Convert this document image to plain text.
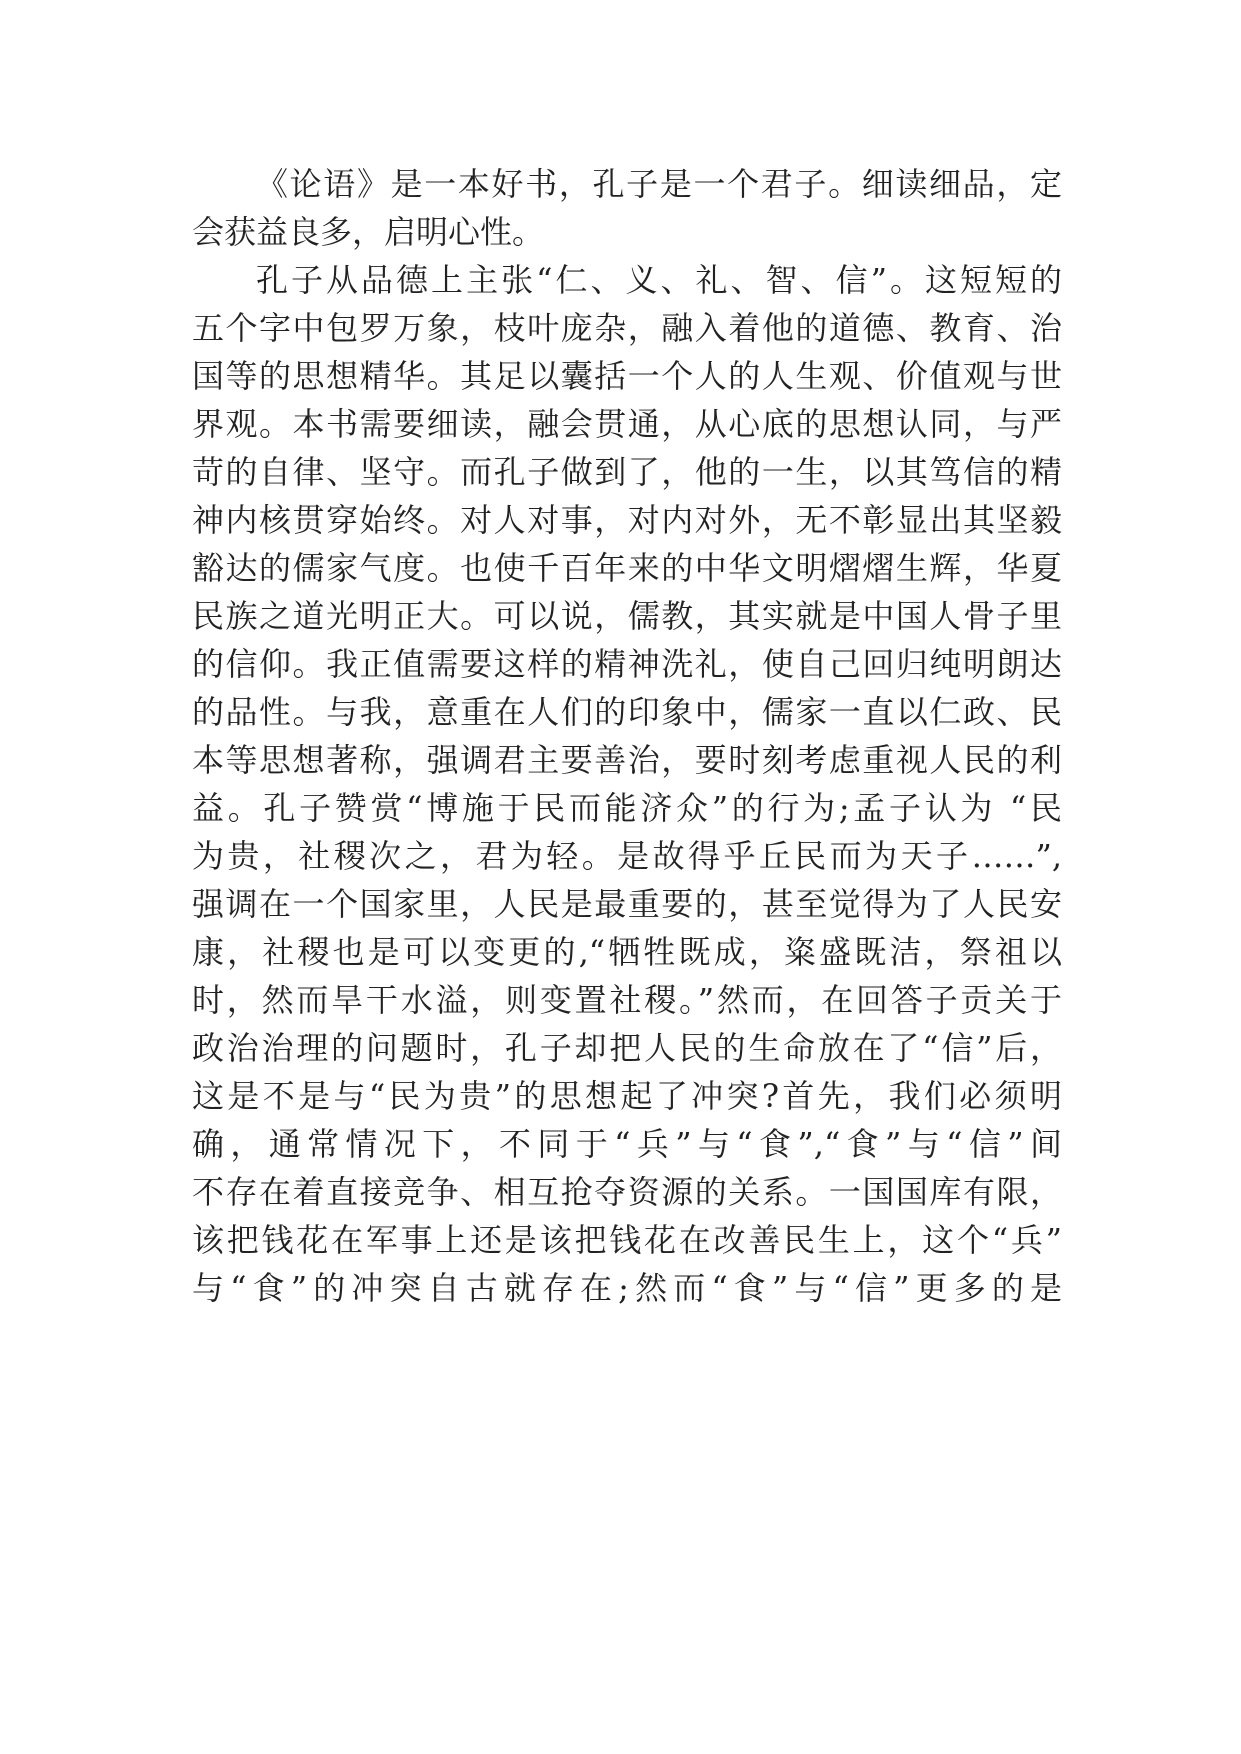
《论语》是一本好书，孔子是一个君子。细读细品，定
会获益良多，启明心性。
孔子从品德上主张“仁、义、礼、智、信”。这短短的
五个字中包罗万象，枝叶庞杂，融入着他的道德、教育、治
国等的思想精华。其足以囊括一个人的人生观、价值观与世
界观。本书需要细读，融会贯通，从心底的思想认同，与严
苛的自律、坚守。而孔子做到了，他的一生，以其笃信的精
神内核贯穿始终。对人对事，对内对外，无不彰显出其坚毅
豁达的儒家气度。也使千百年来的中华文明熠熠生辉，华夏
民族之道光明正大。可以说，儒教，其实就是中国人骨子里
的信仰。我正值需要这样的精神洗礼，使自己回归纯明朗达
的品性。与我，意重在人们的印象中，儒家一直以仁政、民
本等思想著称，强调君主要善治，要时刻考虑重视人民的利
益。孔子赞赏“博施于民而能济众”的行为;孟子认为 “民
为贵，社稷次之，君为轻。是故得乎丘民而为天子……”,
强调在一个国家里，人民是最重要的，甚至觉得为了人民安
康，社稷也是可以变更的,“牺牲既成，粢盛既洁，祭祖以
时，然而旱干水溢，则变置社稷。”然而，在回答子贡关于
政治治理的问题时，孔子却把人民的生命放在了“信”后，
这是不是与“民为贵”的思想起了冲突?首先，我们必须明
确，通常情况下，不同于“兵”与“食”,“食”与“信”间
不存在着直接竞争、相互抢夺资源的关系。一国国库有限，
该把钱花在军事上还是该把钱花在改善民生上，这个“兵”
与“食”的冲突自古就存在;然而“食”与“信”更多的是
